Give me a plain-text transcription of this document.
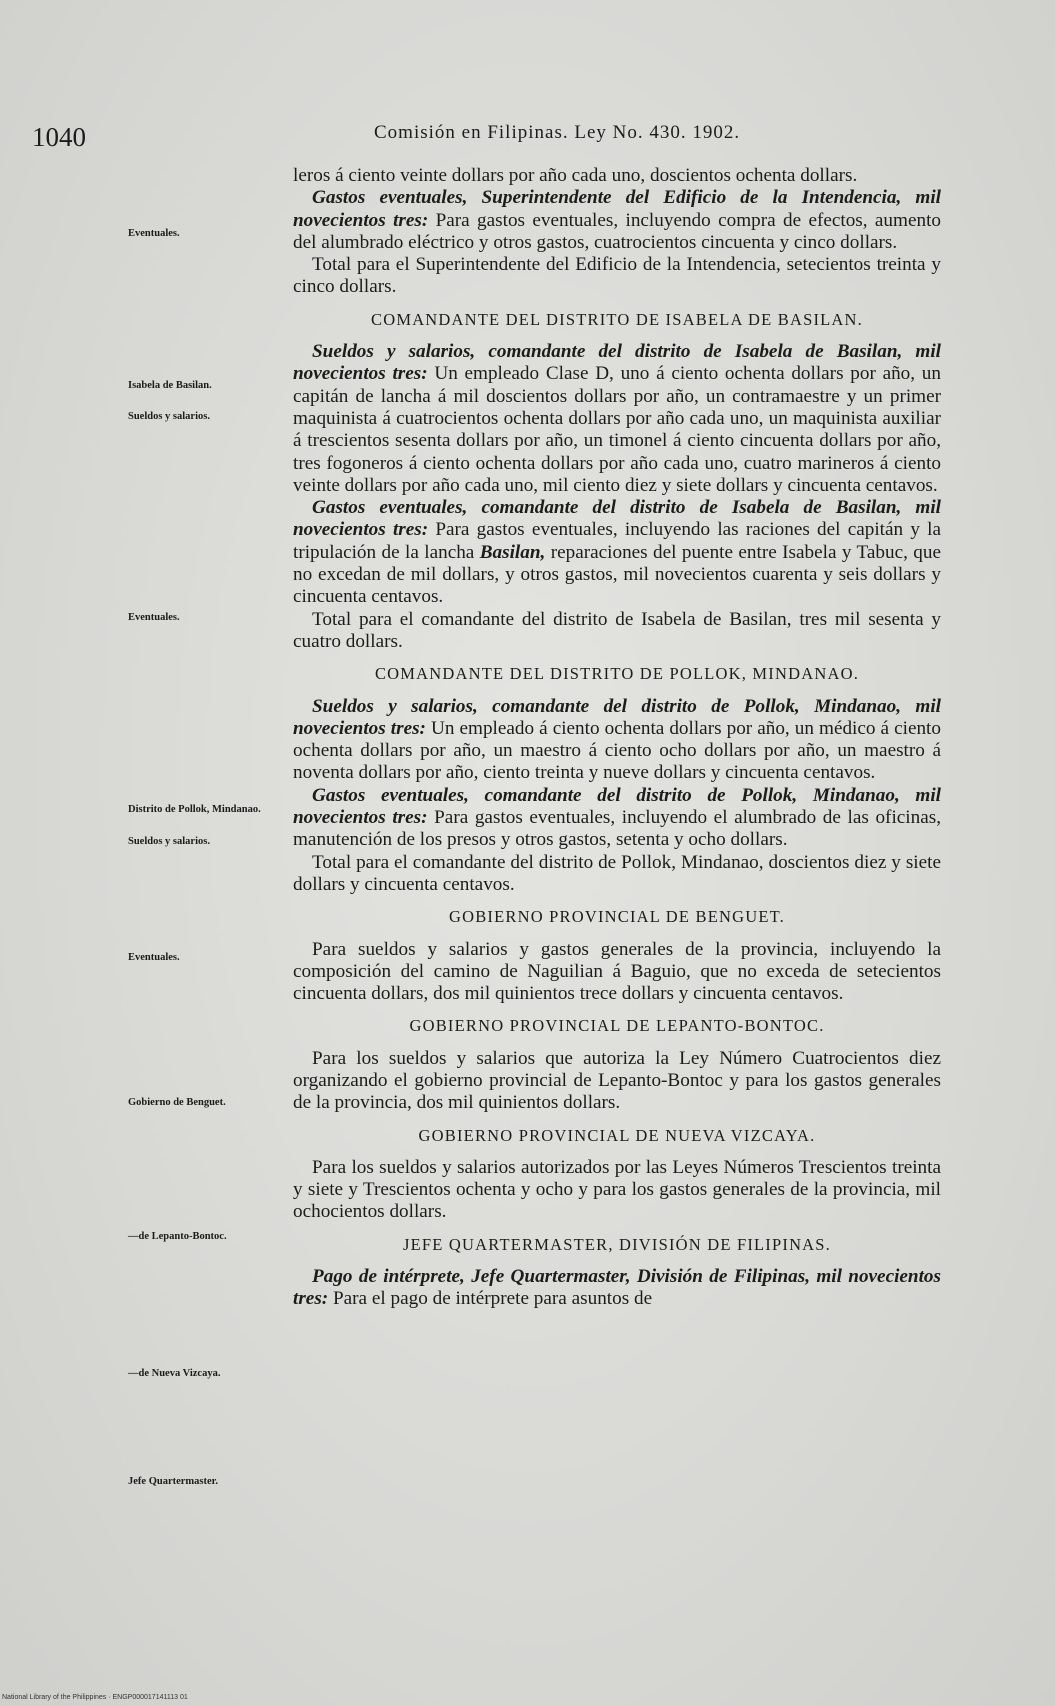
1040	Comisión en Filipinas. Ley No. 430. 1902.
Eventuales.
Isabela de Basilan.
Sueldos y salarios.
Eventuales.
Distrito de Pollok, Mindanao.
Sueldos y salarios.
Eventuales.
Gobierno de Benguet.
—de Lepanto-Bontoc.
—de Nueva Vizcaya.
Jefe Quartermaster.

leros á ciento veinte dollars por año cada uno, doscientos ochenta dollars.

Gastos eventuales, Superintendente del Edificio de la Intendencia, mil novecientos tres: Para gastos eventuales, incluyendo compra de efectos, aumento del alumbrado eléctrico y otros gastos, cuatrocientos cincuenta y cinco dollars.

Total para el Superintendente del Edificio de la Intendencia, setecientos treinta y cinco dollars.

COMANDANTE DEL DISTRITO DE ISABELA DE BASILAN.

Sueldos y salarios, comandante del distrito de Isabela de Basilan, mil novecientos tres: Un empleado Clase D, uno á ciento ochenta dollars por año, un capitán de lancha á mil doscientos dollars por año, un contramaestre y un primer maquinista á cuatrocientos ochenta dollars por año cada uno, un maquinista auxiliar á trescientos sesenta dollars por año, un timonel á ciento cincuenta dollars por año, tres fogoneros á ciento ochenta dollars por año cada uno, cuatro marineros á ciento veinte dollars por año cada uno, mil ciento diez y siete dollars y cincuenta centavos.

Gastos eventuales, comandante del distrito de Isabela de Basilan, mil novecientos tres: Para gastos eventuales, incluyendo las raciones del capitán y la tripulación de la lancha Basilan, reparaciones del puente entre Isabela y Tabuc, que no excedan de mil dollars, y otros gastos, mil novecientos cuarenta y seis dollars y cincuenta centavos.

Total para el comandante del distrito de Isabela de Basilan, tres mil sesenta y cuatro dollars.

COMANDANTE DEL DISTRITO DE POLLOK, MINDANAO.

Sueldos y salarios, comandante del distrito de Pollok, Mindanao, mil novecientos tres: Un empleado á ciento ochenta dollars por año, un médico á ciento ochenta dollars por año, un maestro á ciento ocho dollars por año, un maestro á noventa dollars por año, ciento treinta y nueve dollars y cincuenta centavos.

Gastos eventuales, comandante del distrito de Pollok, Mindanao, mil novecientos tres: Para gastos eventuales, incluyendo el alumbrado de las oficinas, manutención de los presos y otros gastos, setenta y ocho dollars.

Total para el comandante del distrito de Pollok, Mindanao, doscientos diez y siete dollars y cincuenta centavos.

GOBIERNO PROVINCIAL DE BENGUET.

Para sueldos y salarios y gastos generales de la provincia, incluyendo la composición del camino de Naguilian á Baguio, que no exceda de setecientos cincuenta dollars, dos mil quinientos trece dollars y cincuenta centavos.

GOBIERNO PROVINCIAL DE LEPANTO-BONTOC.

Para los sueldos y salarios que autoriza la Ley Número Cuatrocientos diez organizando el gobierno provincial de Lepanto-Bontoc y para los gastos generales de la provincia, dos mil quinientos dollars.

GOBIERNO PROVINCIAL DE NUEVA VIZCAYA.

Para los sueldos y salarios autorizados por las Leyes Números Trescientos treinta y siete y Trescientos ochenta y ocho y para los gastos generales de la provincia, mil ochocientos dollars.

JEFE QUARTERMASTER, DIVISIÓN DE FILIPINAS.

Pago de intérprete, Jefe Quartermaster, División de Filipinas, mil novecientos tres: Para el pago de intérprete para asuntos de

National Library of the Philippines · ENGP000017141113 01
